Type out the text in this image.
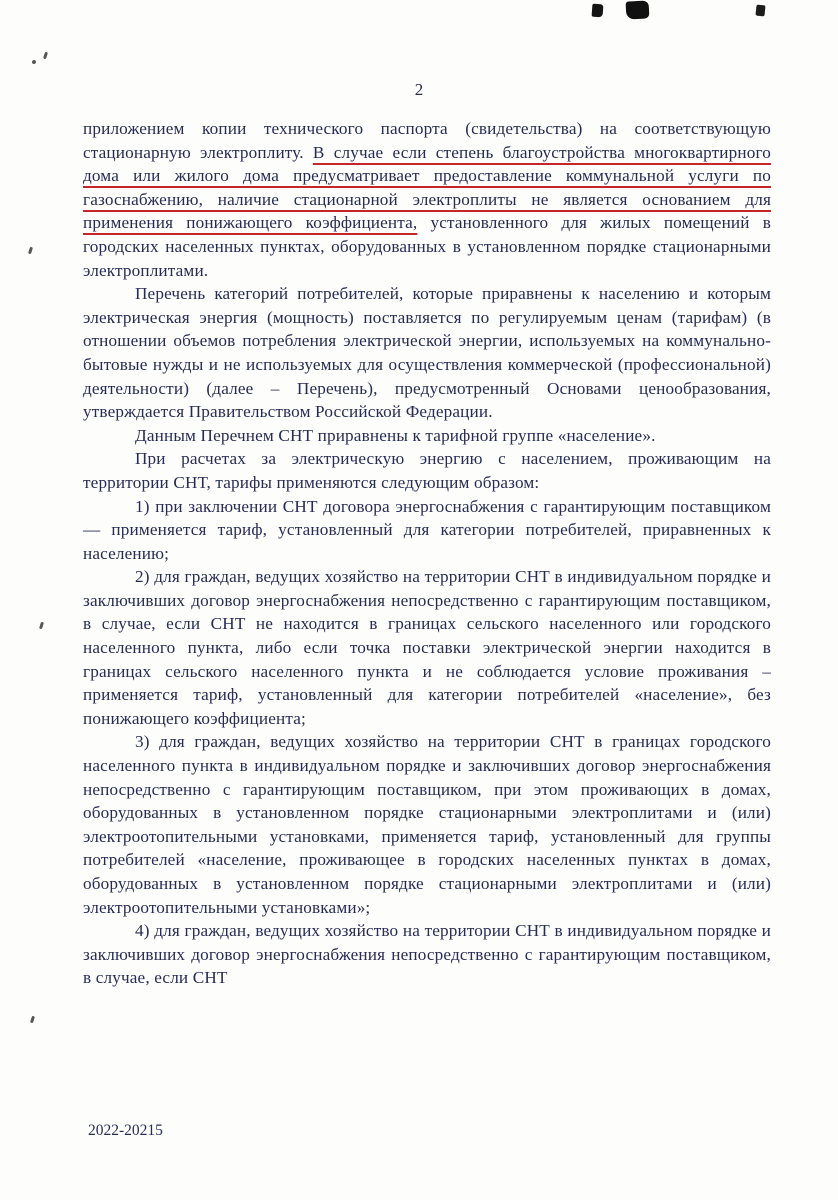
2

приложением копии технического паспорта (свидетельства) на соответствующую стационарную электроплиту. В случае если степень благоустройства многоквартирного дома или жилого дома предусматривает предоставление коммунальной услуги по газоснабжению, наличие стационарной электроплиты не является основанием для применения понижающего коэффициента, установленного для жилых помещений в городских населенных пунктах, оборудованных в установленном порядке стационарными электроплитами.

Перечень категорий потребителей, которые приравнены к населению и которым электрическая энергия (мощность) поставляется по регулируемым ценам (тарифам) (в отношении объемов потребления электрической энергии, используемых на коммунально-бытовые нужды и не используемых для осуществления коммерческой (профессиональной) деятельности) (далее – Перечень), предусмотренный Основами ценообразования, утверждается Правительством Российской Федерации.

Данным Перечнем СНТ приравнены к тарифной группе «население».

При расчетах за электрическую энергию с населением, проживающим на территории СНТ, тарифы применяются следующим образом:

1) при заключении СНТ договора энергоснабжения с гарантирующим поставщиком — применяется тариф, установленный для категории потребителей, приравненных к населению;

2) для граждан, ведущих хозяйство на территории СНТ в индивидуальном порядке и заключивших договор энергоснабжения непосредственно с гарантирующим поставщиком, в случае, если СНТ не находится в границах сельского населенного или городского населенного пункта, либо если точка поставки электрической энергии находится в границах сельского населенного пункта и не соблюдается условие проживания – применяется тариф, установленный для категории потребителей «население», без понижающего коэффициента;

3) для граждан, ведущих хозяйство на территории СНТ в границах городского населенного пункта в индивидуальном порядке и заключивших договор энергоснабжения непосредственно с гарантирующим поставщиком, при этом проживающих в домах, оборудованных в установленном порядке стационарными электроплитами и (или) электроотопительными установками, применяется тариф, установленный для группы потребителей «население, проживающее в городских населенных пунктах в домах, оборудованных в установленном порядке стационарными электроплитами и (или) электроотопительными установками»;

4) для граждан, ведущих хозяйство на территории СНТ в индивидуальном порядке и заключивших договор энергоснабжения непосредственно с гарантирующим поставщиком, в случае, если СНТ

2022-20215
